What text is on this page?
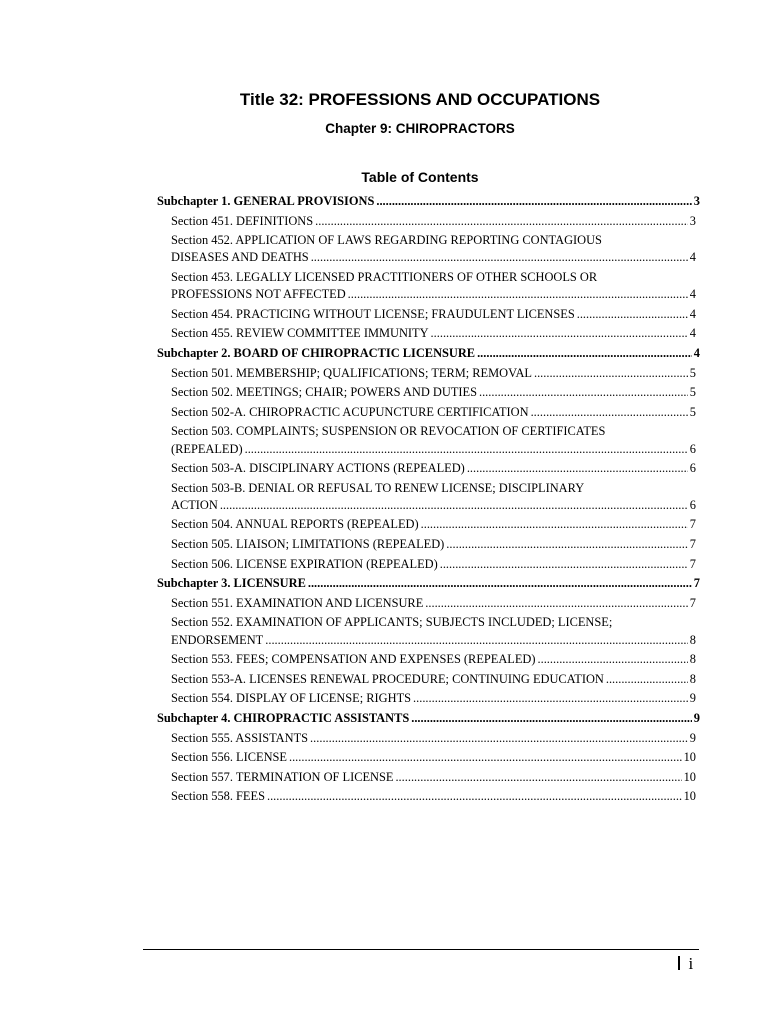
Title 32: PROFESSIONS AND OCCUPATIONS
Chapter 9: CHIROPRACTORS
Table of Contents
Subchapter 1. GENERAL PROVISIONS .....	3
Section 451. DEFINITIONS .....	3
Section 452. APPLICATION OF LAWS REGARDING REPORTING CONTAGIOUS
DISEASES AND DEATHS .....	4
Section 453. LEGALLY LICENSED PRACTITIONERS OF OTHER SCHOOLS OR
PROFESSIONS NOT AFFECTED .....	4
Section 454. PRACTICING WITHOUT LICENSE; FRAUDULENT LICENSES .....	4
Section 455. REVIEW COMMITTEE IMMUNITY .....	4
Subchapter 2. BOARD OF CHIROPRACTIC LICENSURE .....	4
Section 501. MEMBERSHIP; QUALIFICATIONS; TERM; REMOVAL .....	5
Section 502. MEETINGS; CHAIR; POWERS AND DUTIES .....	5
Section 502-A. CHIROPRACTIC ACUPUNCTURE CERTIFICATION .....	5
Section 503. COMPLAINTS; SUSPENSION OR REVOCATION OF CERTIFICATES
(REPEALED) .....	6
Section 503-A. DISCIPLINARY ACTIONS (REPEALED) .....	6
Section 503-B. DENIAL OR REFUSAL TO RENEW LICENSE; DISCIPLINARY
ACTION .....	6
Section 504. ANNUAL REPORTS (REPEALED) .....	7
Section 505. LIAISON; LIMITATIONS (REPEALED) .....	7
Section 506. LICENSE EXPIRATION (REPEALED) .....	7
Subchapter 3. LICENSURE .....	7
Section 551. EXAMINATION AND LICENSURE .....	7
Section 552. EXAMINATION OF APPLICANTS; SUBJECTS INCLUDED; LICENSE;
ENDORSEMENT .....	8
Section 553. FEES; COMPENSATION AND EXPENSES (REPEALED) .....	8
Section 553-A. LICENSES RENEWAL PROCEDURE; CONTINUING EDUCATION .....	8
Section 554. DISPLAY OF LICENSE; RIGHTS .....	9
Subchapter 4. CHIROPRACTIC ASSISTANTS .....	9
Section 555. ASSISTANTS .....	9
Section 556. LICENSE .....	10
Section 557. TERMINATION OF LICENSE .....	10
Section 558. FEES .....	10
i
